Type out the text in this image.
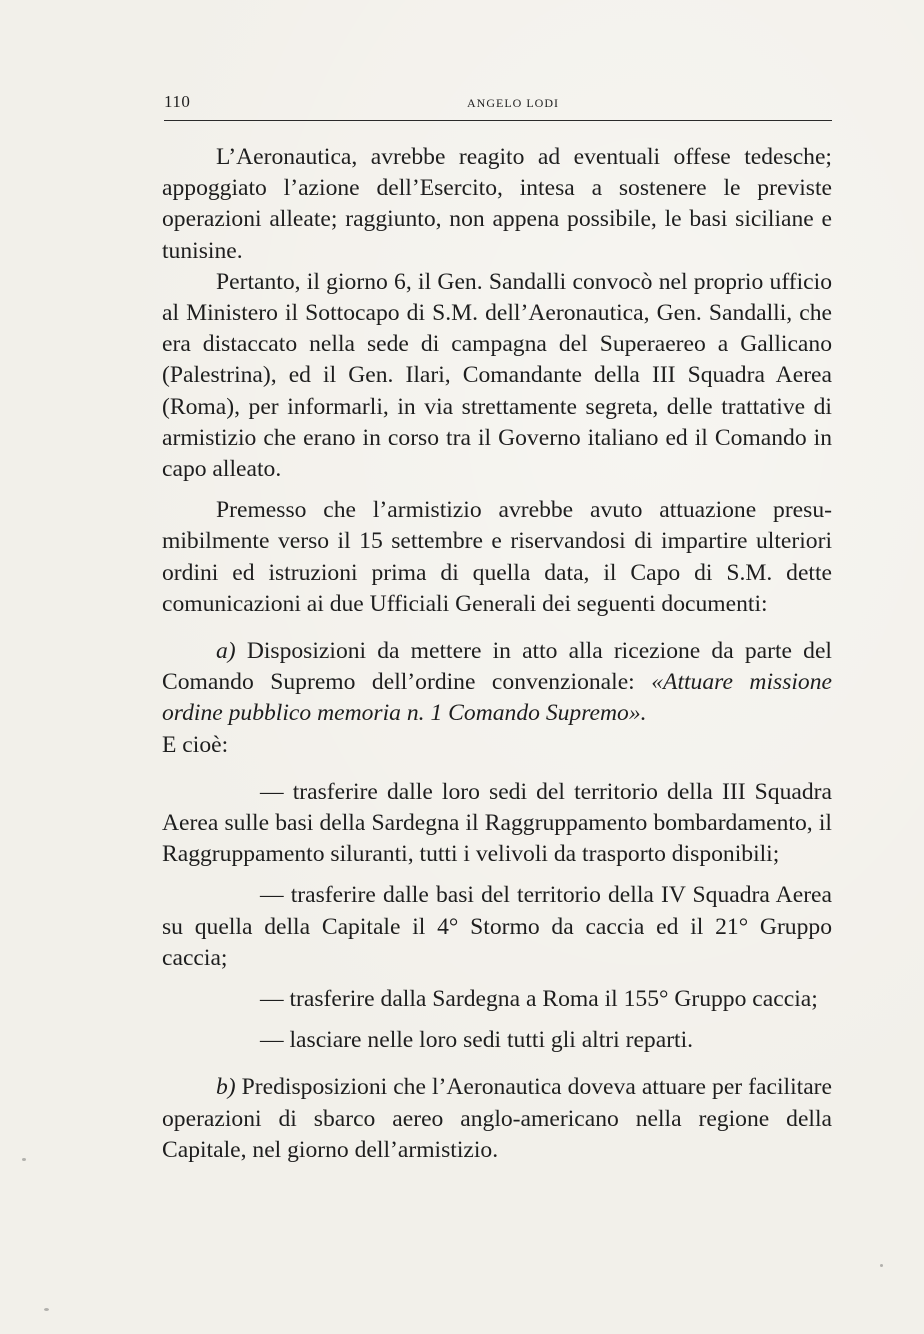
110	ANGELO LODI

L’Aeronautica, avrebbe reagito ad eventuali offese tedesche; appoggiato l’azione dell’Esercito, intesa a sostenere le previste operazioni alleate; raggiunto, non appena possibile, le basi siciliane e tunisine.

Pertanto, il giorno 6, il Gen. Sandalli convocò nel proprio ufficio al Ministero il Sottocapo di S.M. dell’Aeronautica, Gen. Sandalli, che era distaccato nella sede di campagna del Superaereo a Gallicano (Palestrina), ed il Gen. Ilari, Comandante della III Squadra Aerea (Roma), per informarli, in via strettamente segreta, delle trattative di armistizio che erano in corso tra il Governo italiano ed il Comando in capo alleato.

Premesso che l’armistizio avrebbe avuto attuazione presumibilmente verso il 15 settembre e riservandosi di impartire ulteriori ordini ed istruzioni prima di quella data, il Capo di S.M. dette comunicazioni ai due Ufficiali Generali dei seguenti documenti:

a) Disposizioni da mettere in atto alla ricezione da parte del Comando Supremo dell’ordine convenzionale: «Attuare missione ordine pubblico memoria n. 1 Comando Supremo».

E cioè:

— trasferire dalle loro sedi del territorio della III Squadra Aerea sulle basi della Sardegna il Raggruppamento bombardamento, il Raggruppamento siluranti, tutti i velivoli da trasporto disponibili;

— trasferire dalle basi del territorio della IV Squadra Aerea su quella della Capitale il 4° Stormo da caccia ed il 21° Gruppo caccia;

— trasferire dalla Sardegna a Roma il 155° Gruppo caccia;

— lasciare nelle loro sedi tutti gli altri reparti.

b) Predisposizioni che l’Aeronautica doveva attuare per facilitare operazioni di sbarco aereo anglo-americano nella regione della Capitale, nel giorno dell’armistizio.
